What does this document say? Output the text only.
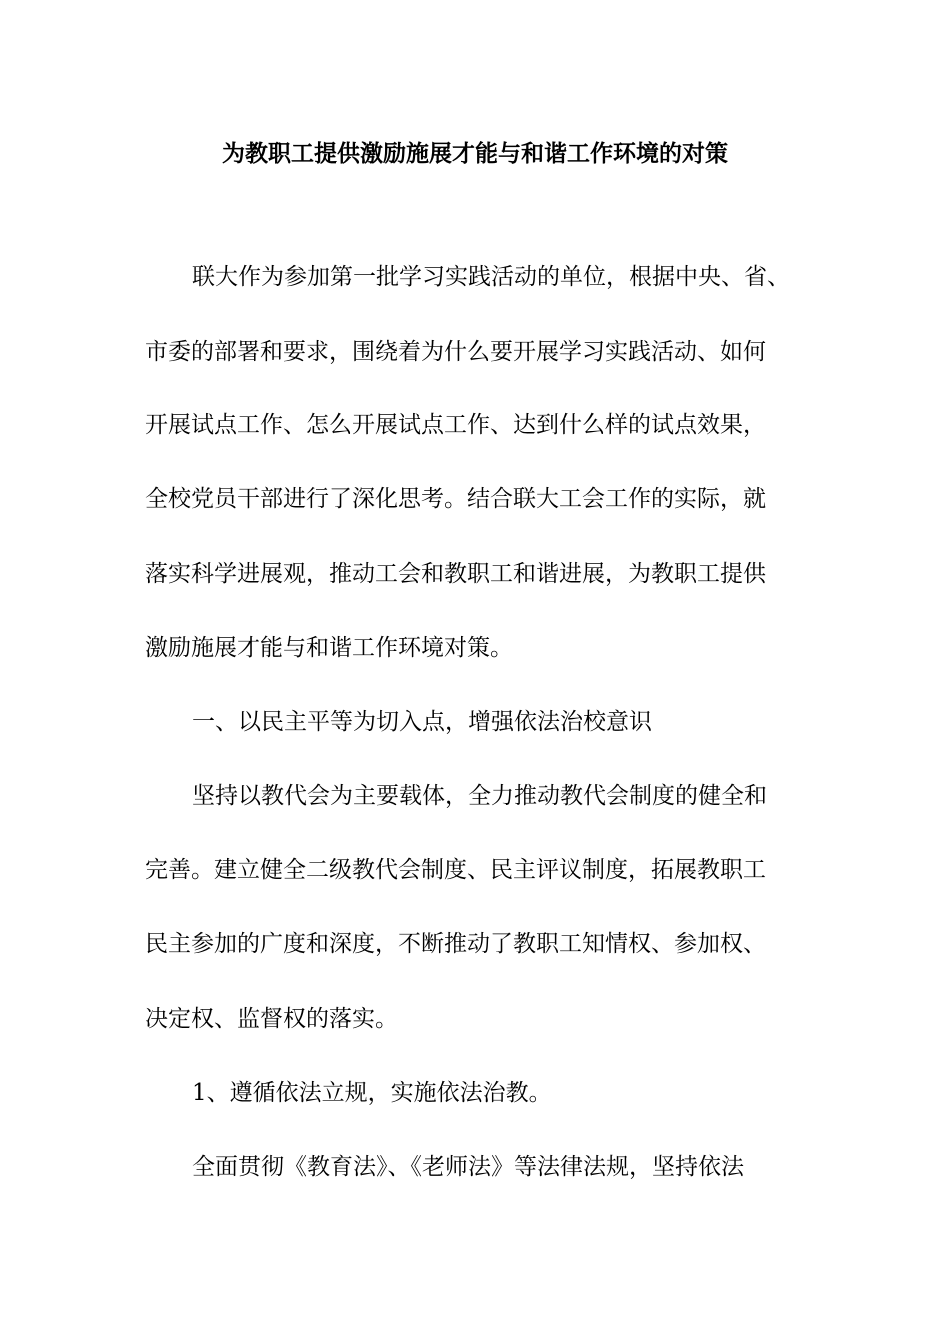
为教职工提供激励施展才能与和谐工作环境的对策
联大作为参加第一批学习实践活动的单位，根据中央、省、
市委的部署和要求，围绕着为什么要开展学习实践活动、如何
开展试点工作、怎么开展试点工作、达到什么样的试点效果，
全校党员干部进行了深化思考。结合联大工会工作的实际，就
落实科学进展观，推动工会和教职工和谐进展，为教职工提供
激励施展才能与和谐工作环境对策。
一、以民主平等为切入点，增强依法治校意识
坚持以教代会为主要载体，全力推动教代会制度的健全和
完善。建立健全二级教代会制度、民主评议制度，拓展教职工
民主参加的广度和深度，不断推动了教职工知情权、参加权、
决定权、监督权的落实。
1、遵循依法立规，实施依法治教。
全面贯彻《教育法》、《老师法》等法律法规，坚持依法
